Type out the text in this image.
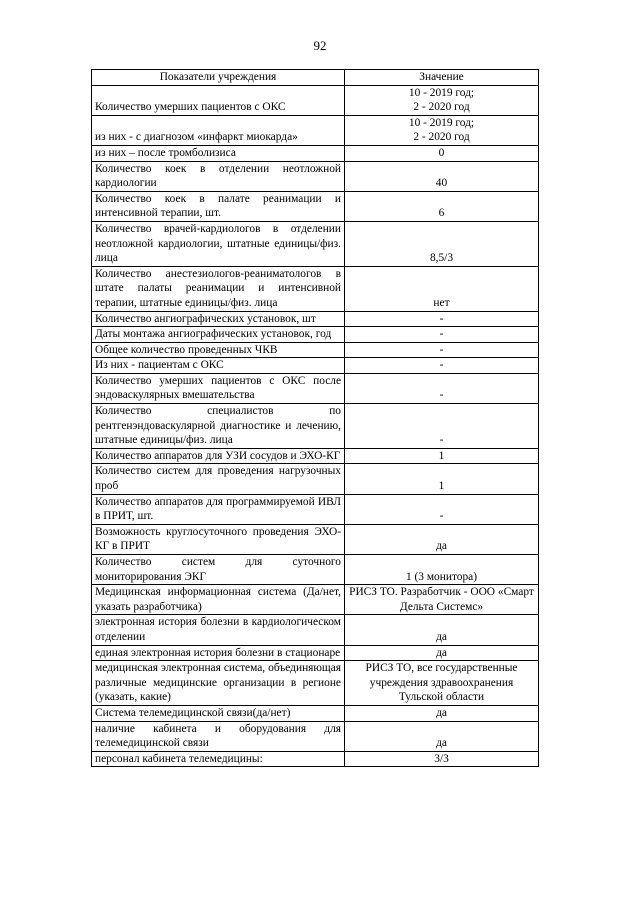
92
Показатели учреждения	Значение
Количество умерших пациентов с ОКС	10 - 2019 год;
2 - 2020 год
из них - с диагнозом «инфаркт миокарда»	10 - 2019 год;
2 - 2020 год
из них – после тромболизиса	0
Количество коек в отделении неотложной кардиологии	40
Количество коек в палате реанимации и интенсивной терапии, шт.	6
Количество врачей-кардиологов в отделении неотложной кардиологии, штатные единицы/физ. лица	8,5/3
Количество анестезиологов-реаниматологов в штате палаты реанимации и интенсивной терапии, штатные единицы/физ. лица	нет
Количество ангиографических установок, шт	-
Даты монтажа ангиографических установок, год	-
Общее количество проведенных ЧКВ	-
Из них - пациентам с ОКС	-
Количество умерших пациентов с ОКС после эндоваскулярных вмешательства	-
Количество специалистов по рентгенэндоваскулярной диагностике и лечению, штатные единицы/физ. лица	-
Количество аппаратов для УЗИ сосудов и ЭХО-КГ	1
Количество систем для проведения нагрузочных проб	1
Количество аппаратов для программируемой ИВЛ в ПРИТ, шт.	-
Возможность круглосуточного проведения ЭХО-КГ в ПРИТ	да
Количество систем для суточного мониторирования ЭКГ	1 (3 монитора)
Медицинская информационная система (Да/нет, указать разработчика)	РИСЗ ТО. Разработчик - ООО «Смарт Дельта Системс»
электронная история болезни в кардиологическом отделении	да
единая электронная история болезни в стационаре	да
медицинская электронная система, объединяющая различные медицинские организации в регионе (указать, какие)	РИСЗ ТО, все государственные учреждения здравоохранения Тульской области
Система телемедицинской связи(да/нет)	да
наличие кабинета и оборудования для телемедицинской связи	да
персонал кабинета телемедицины:	3/3
